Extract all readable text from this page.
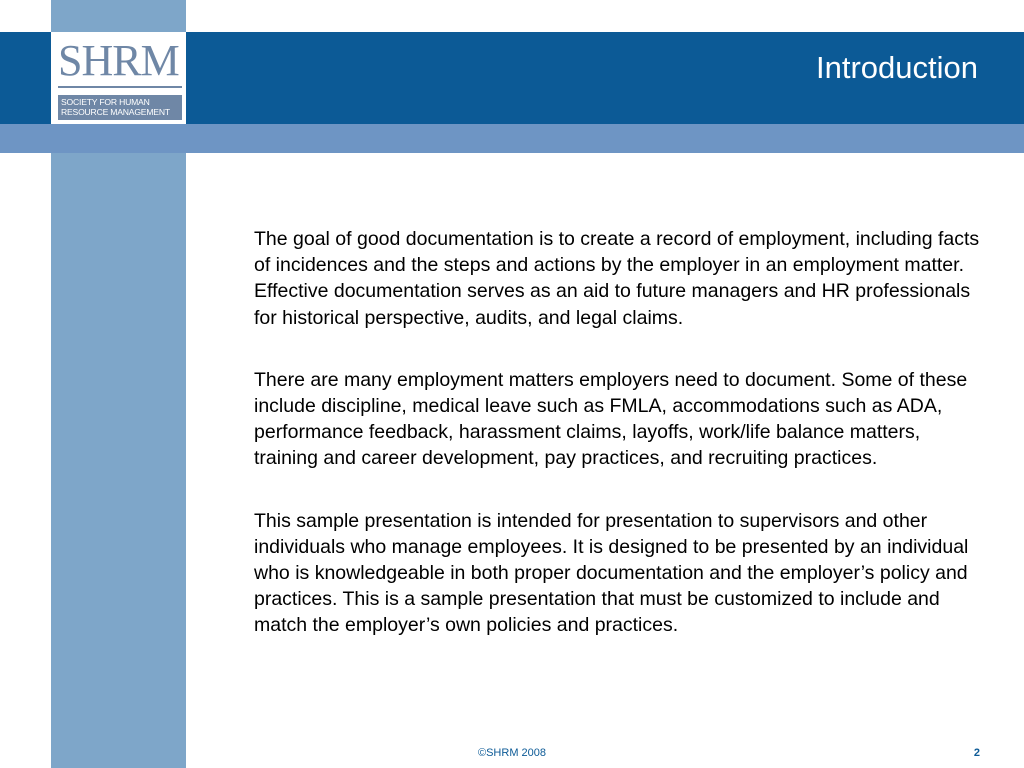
SHRM
SOCIETY FOR HUMAN RESOURCE MANAGEMENT
TM
Introduction

The goal of good documentation is to create a record of employment, including facts of incidences and the steps and actions by the employer in an employment matter. Effective documentation serves as an aid to future managers and HR professionals for historical perspective, audits, and legal claims.

There are many employment matters employers need to document. Some of these include discipline, medical leave such as FMLA, accommodations such as ADA, performance feedback, harassment claims, layoffs, work/life balance matters, training and career development, pay practices, and recruiting practices.

This sample presentation is intended for presentation to supervisors and other individuals who manage employees. It is designed to be presented by an individual who is knowledgeable in both proper documentation and the employer’s policy and practices. This is a sample presentation that must be customized to include and match the employer’s own policies and practices.

©SHRM 2008	2
